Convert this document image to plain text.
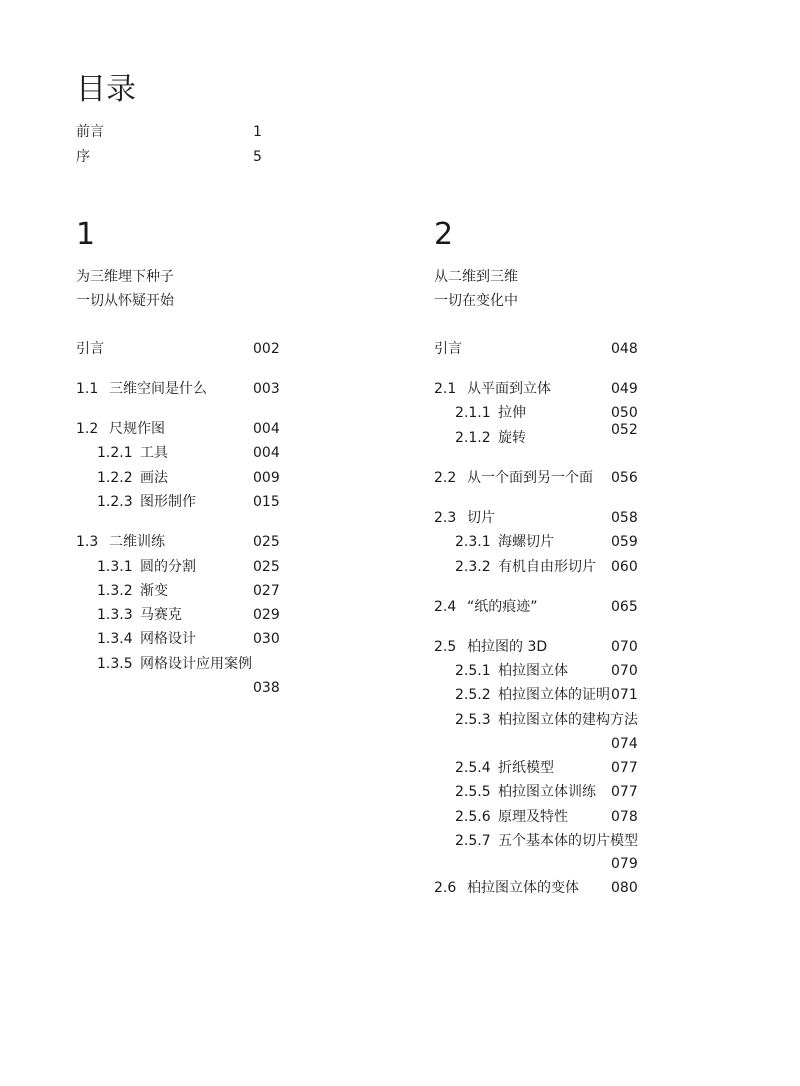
目录
前言	1
序	5
1
为三维埋下种子
一切从怀疑开始
引言	002
1.1 三维空间是什么	003
1.2 尺规作图	004
1.2.1 工具	004
1.2.2 画法	009
1.2.3 图形制作	015
1.3 二维训练	025
1.3.1 圆的分割	025
1.3.2 渐变	027
1.3.3 马赛克	029
1.3.4 网格设计	030
1.3.5 网格设计应用案例
038
2
从二维到三维
一切在变化中
引言	048
2.1 从平面到立体	049
2.1.1 拉伸	050
2.1.2 旋转	052
2.2 从一个面到另一个面 056
2.3 切片	058
2.3.1 海螺切片	059
2.3.2 有机自由形切片 060
2.4 “纸的痕迹”	065
2.5 柏拉图的 3D	070
2.5.1 柏拉图立体	070
2.5.2 柏拉图立体的证明 071
2.5.3 柏拉图立体的建构方法
074
2.5.4 折纸模型	077
2.5.5 柏拉图立体训练 077
2.5.6 原理及特性	078
2.5.7 五个基本体的切片模型
079
2.6 柏拉图立体的变体 080
